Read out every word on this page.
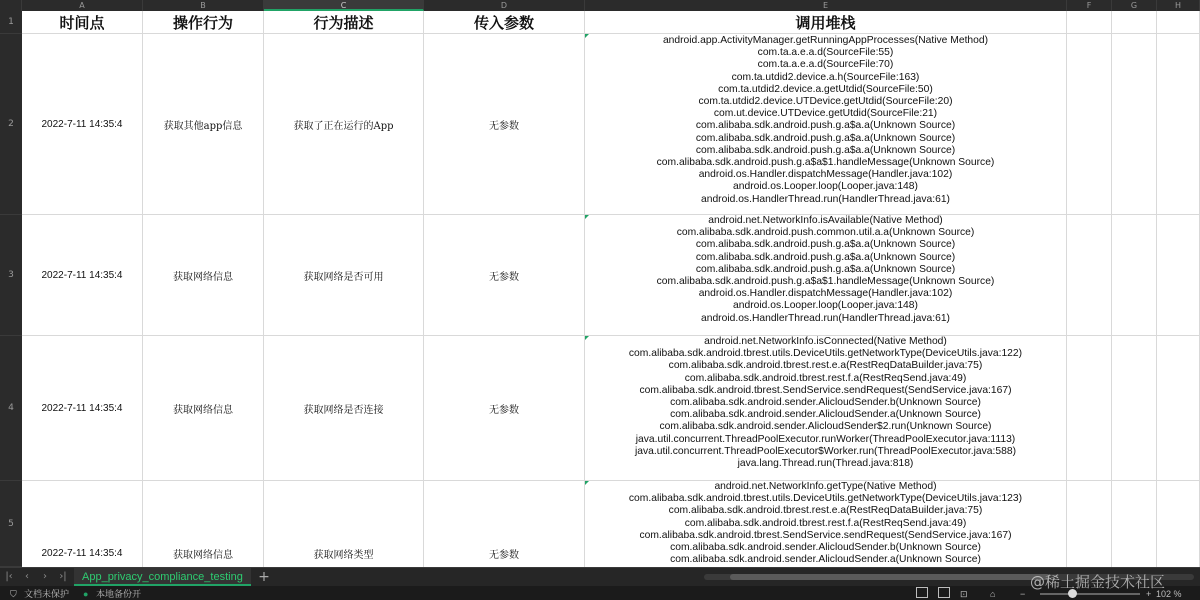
A	B	C	D	E	F	G	H
1
2
3
4
5
时间点	操作行为	行为描述	传入参数	调用堆栈
2022-7-11 14:35:4	获取其他app信息	获取了正在运行的App	无参数
android.app.ActivityManager.getRunningAppProcesses(Native Method)
com.ta.a.e.a.d(SourceFile:55)
com.ta.a.e.a.d(SourceFile:70)
com.ta.utdid2.device.a.h(SourceFile:163)
com.ta.utdid2.device.a.getUtdid(SourceFile:50)
com.ta.utdid2.device.UTDevice.getUtdid(SourceFile:20)
com.ut.device.UTDevice.getUtdid(SourceFile:21)
com.alibaba.sdk.android.push.g.a$a.a(Unknown Source)
com.alibaba.sdk.android.push.g.a$a.a(Unknown Source)
com.alibaba.sdk.android.push.g.a$a.a(Unknown Source)
com.alibaba.sdk.android.push.g.a$a$1.handleMessage(Unknown Source)
android.os.Handler.dispatchMessage(Handler.java:102)
android.os.Looper.loop(Looper.java:148)
android.os.HandlerThread.run(HandlerThread.java:61)
2022-7-11 14:35:4	获取网络信息	获取网络是否可用	无参数
android.net.NetworkInfo.isAvailable(Native Method)
com.alibaba.sdk.android.push.common.util.a.a(Unknown Source)
com.alibaba.sdk.android.push.g.a$a.a(Unknown Source)
com.alibaba.sdk.android.push.g.a$a.a(Unknown Source)
com.alibaba.sdk.android.push.g.a$a.a(Unknown Source)
com.alibaba.sdk.android.push.g.a$a$1.handleMessage(Unknown Source)
android.os.Handler.dispatchMessage(Handler.java:102)
android.os.Looper.loop(Looper.java:148)
android.os.HandlerThread.run(HandlerThread.java:61)
2022-7-11 14:35:4	获取网络信息	获取网络是否连接	无参数
android.net.NetworkInfo.isConnected(Native Method)
com.alibaba.sdk.android.tbrest.utils.DeviceUtils.getNetworkType(DeviceUtils.java:122)
com.alibaba.sdk.android.tbrest.rest.e.a(RestReqDataBuilder.java:75)
com.alibaba.sdk.android.tbrest.rest.f.a(RestReqSend.java:49)
com.alibaba.sdk.android.tbrest.SendService.sendRequest(SendService.java:167)
com.alibaba.sdk.android.sender.AlicloudSender.b(Unknown Source)
com.alibaba.sdk.android.sender.AlicloudSender.a(Unknown Source)
com.alibaba.sdk.android.sender.AlicloudSender$2.run(Unknown Source)
java.util.concurrent.ThreadPoolExecutor.runWorker(ThreadPoolExecutor.java:1113)
java.util.concurrent.ThreadPoolExecutor$Worker.run(ThreadPoolExecutor.java:588)
java.lang.Thread.run(Thread.java:818)
2022-7-11 14:35:4	获取网络信息	获取网络类型	无参数
android.net.NetworkInfo.getType(Native Method)
com.alibaba.sdk.android.tbrest.utils.DeviceUtils.getNetworkType(DeviceUtils.java:123)
com.alibaba.sdk.android.tbrest.rest.e.a(RestReqDataBuilder.java:75)
com.alibaba.sdk.android.tbrest.rest.f.a(RestReqSend.java:49)
com.alibaba.sdk.android.tbrest.SendService.sendRequest(SendService.java:167)
com.alibaba.sdk.android.sender.AlicloudSender.b(Unknown Source)
com.alibaba.sdk.android.sender.AlicloudSender.a(Unknown Source)
|‹	‹	›	›|	App_privacy_compliance_testing	+
⛉ 文档未保护 ● 本地备份开	⊡ ⌂	−	+ 102 %
@稀土掘金技术社区
